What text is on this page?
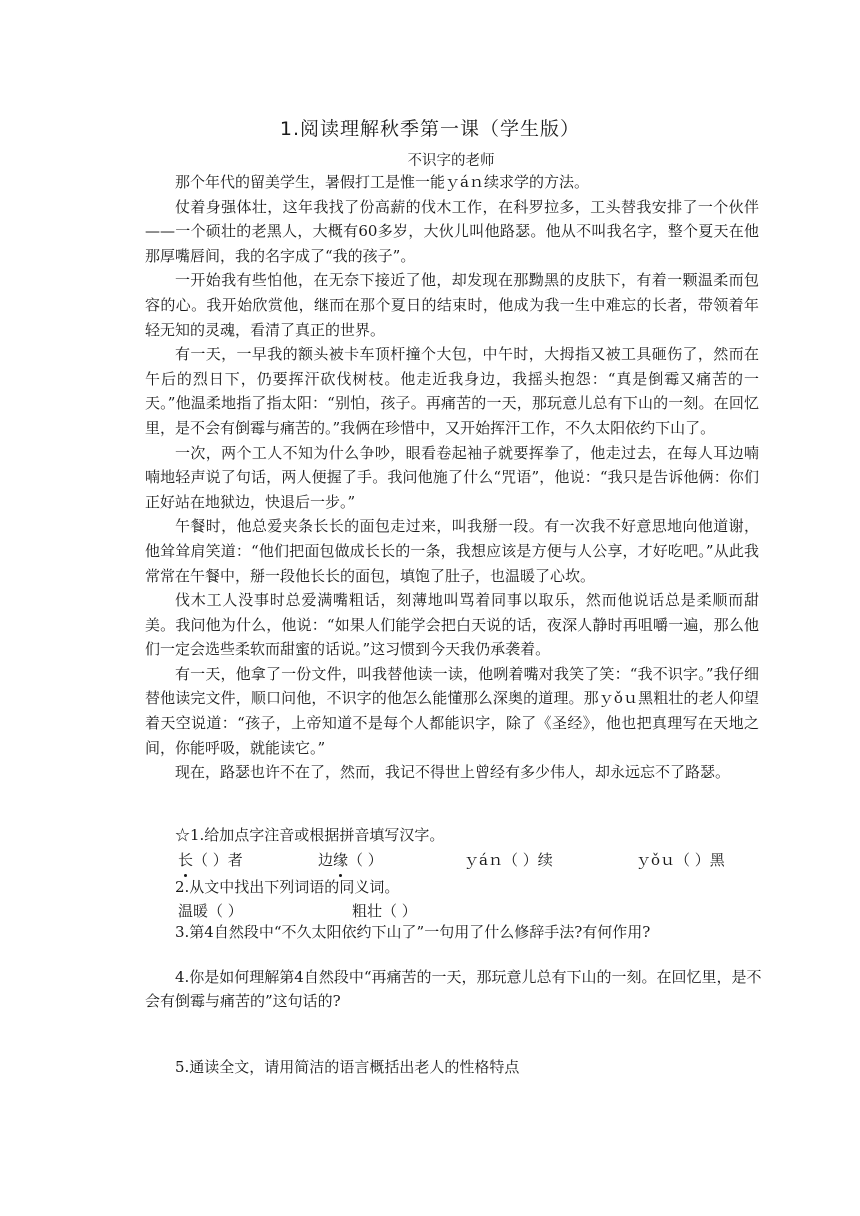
1.阅读理解秋季第一课（学生版）
不识字的老师

那个年代的留美学生，暑假打工是惟一能ｙáｎ续求学的方法。

仗着身强体壮，这年我找了份高薪的伐木工作，在科罗拉多，工头替我安排了一个伙伴——一个硕壮的老黑人，大概有60多岁，大伙儿叫他路瑟。他从不叫我名字，整个夏天在他那厚嘴唇间，我的名字成了“我的孩子”。

一开始我有些怕他，在无奈下接近了他，却发现在那黝黑的皮肤下，有着一颗温柔而包容的心。我开始欣赏他，继而在那个夏日的结束时，他成为我一生中难忘的长者，带领着年轻无知的灵魂，看清了真正的世界。

有一天，一早我的额头被卡车顶杆撞个大包，中午时，大拇指又被工具砸伤了，然而在午后的烈日下，仍要挥汗砍伐树枝。他走近我身边，我摇头抱怨：“真是倒霉又痛苦的一天。”他温柔地指了指太阳：“别怕，孩子。再痛苦的一天，那玩意儿总有下山的一刻。在回忆里，是不会有倒霉与痛苦的。”我俩在珍惜中，又开始挥汗工作，不久太阳依约下山了。

一次，两个工人不知为什么争吵，眼看卷起袖子就要挥拳了，他走过去，在每人耳边喃喃地轻声说了句话，两人便握了手。我问他施了什么“咒语”，他说：“我只是告诉他俩：你们正好站在地狱边，快退后一步。”

午餐时，他总爱夹条长长的面包走过来，叫我掰一段。有一次我不好意思地向他道谢，他耸耸肩笑道：“他们把面包做成长长的一条，我想应该是方便与人公享，才好吃吧。”从此我常常在午餐中，掰一段他长长的面包，填饱了肚子，也温暖了心坎。

伐木工人没事时总爱满嘴粗话，刻薄地叫骂着同事以取乐，然而他说话总是柔顺而甜美。我问他为什么，他说：“如果人们能学会把白天说的话，夜深人静时再咀嚼一遍，那么他们一定会选些柔软而甜蜜的话说。”这习惯到今天我仍承袭着。

有一天，他拿了一份文件，叫我替他读一读，他咧着嘴对我笑了笑：“我不识字。”我仔细替他读完文件，顺口问他，不识字的他怎么能懂那么深奥的道理。那ｙǒｕ黑粗壮的老人仰望着天空说道：“孩子，上帝知道不是每个人都能识字，除了《圣经》，他也把真理写在天地之间，你能呼吸，就能读它。”

现在，路瑟也许不在了，然而，我记不得世上曾经有多少伟人，却永远忘不了路瑟。

☆1.给加点字注音或根据拼音填写汉字。
长（ ）者	边缘（ ）	ｙáｎ（ ）续	ｙǒｕ（ ）黑
2.从文中找出下列词语的同义词。
温暖（ ）	粗壮（ ）
3.第4自然段中“不久太阳依约下山了”一句用了什么修辞手法?有何作用?
4.你是如何理解第4自然段中“再痛苦的一天，那玩意儿总有下山的一刻。在回忆里，是不会有倒霉与痛苦的”这句话的?
5.通读全文，请用简洁的语言概括出老人的性格特点
